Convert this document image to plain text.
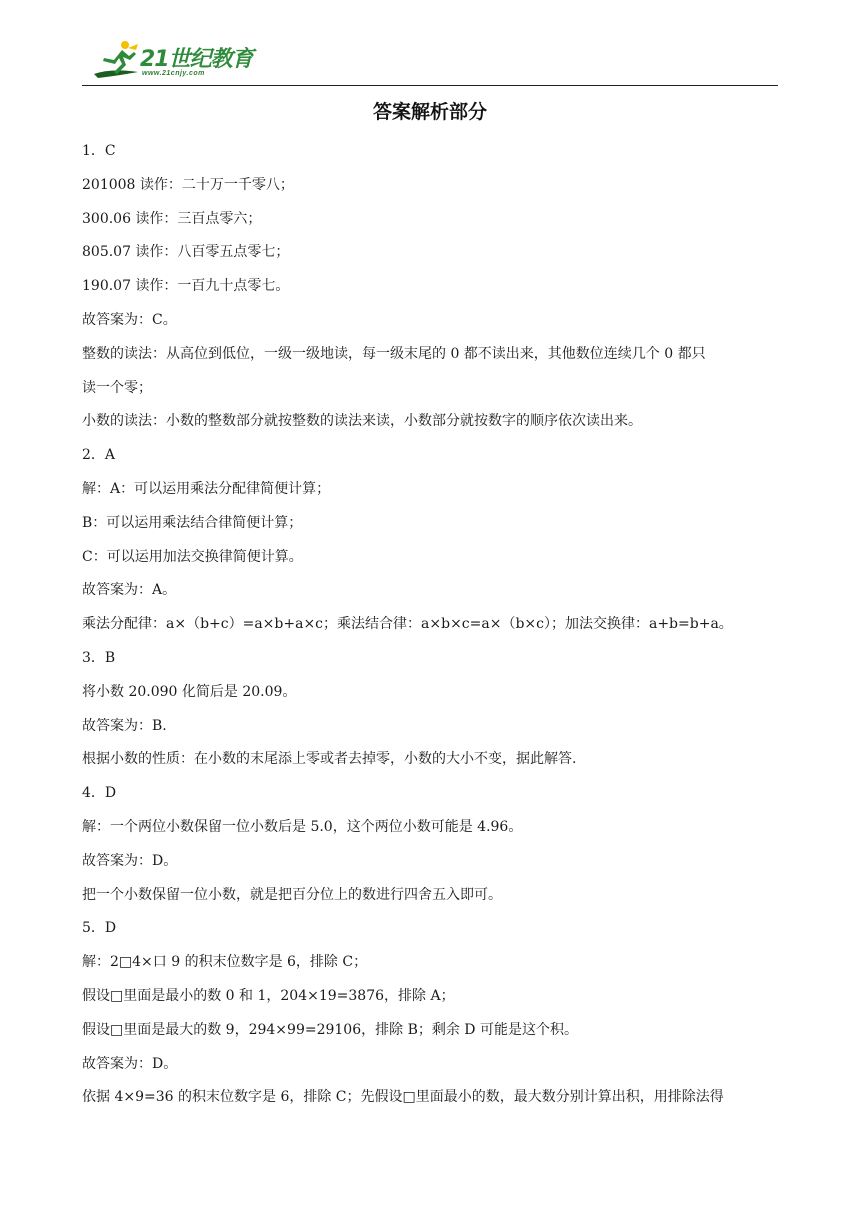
21世纪教育
www.21cnjy.com
答案解析部分
1．C
201008 读作：二十万一千零八；
300.06 读作：三百点零六；
805.07 读作：八百零五点零七；
190.07 读作：一百九十点零七。
故答案为：C。
整数的读法：从高位到低位，一级一级地读，每一级末尾的 0 都不读出来，其他数位连续几个 0 都只
读一个零；
小数的读法：小数的整数部分就按整数的读法来读，小数部分就按数字的顺序依次读出来。
2．A
解：A：可以运用乘法分配律简便计算；
B：可以运用乘法结合律简便计算；
C：可以运用加法交换律简便计算。
故答案为：A。
乘法分配律：a×（b+c）=a×b+a×c；乘法结合律：a×b×c=a×（b×c）；加法交换律：a+b=b+a。
3．B
将小数 20.090 化简后是 20.09。
故答案为：B.
根据小数的性质：在小数的末尾添上零或者去掉零，小数的大小不变，据此解答.
4．D
解：一个两位小数保留一位小数后是 5.0，这个两位小数可能是 4.96。
故答案为：D。
把一个小数保留一位小数，就是把百分位上的数进行四舍五入即可。
5．D
解：2□4×口 9 的积末位数字是 6，排除 C；
假设□里面是最小的数 0 和 1，204×19=3876，排除 A；
假设□里面是最大的数 9，294×99=29106，排除 B；剩余 D 可能是这个积。
故答案为：D。
依据 4×9=36 的积末位数字是 6，排除 C；先假设□里面最小的数，最大数分别计算出积，用排除法得
